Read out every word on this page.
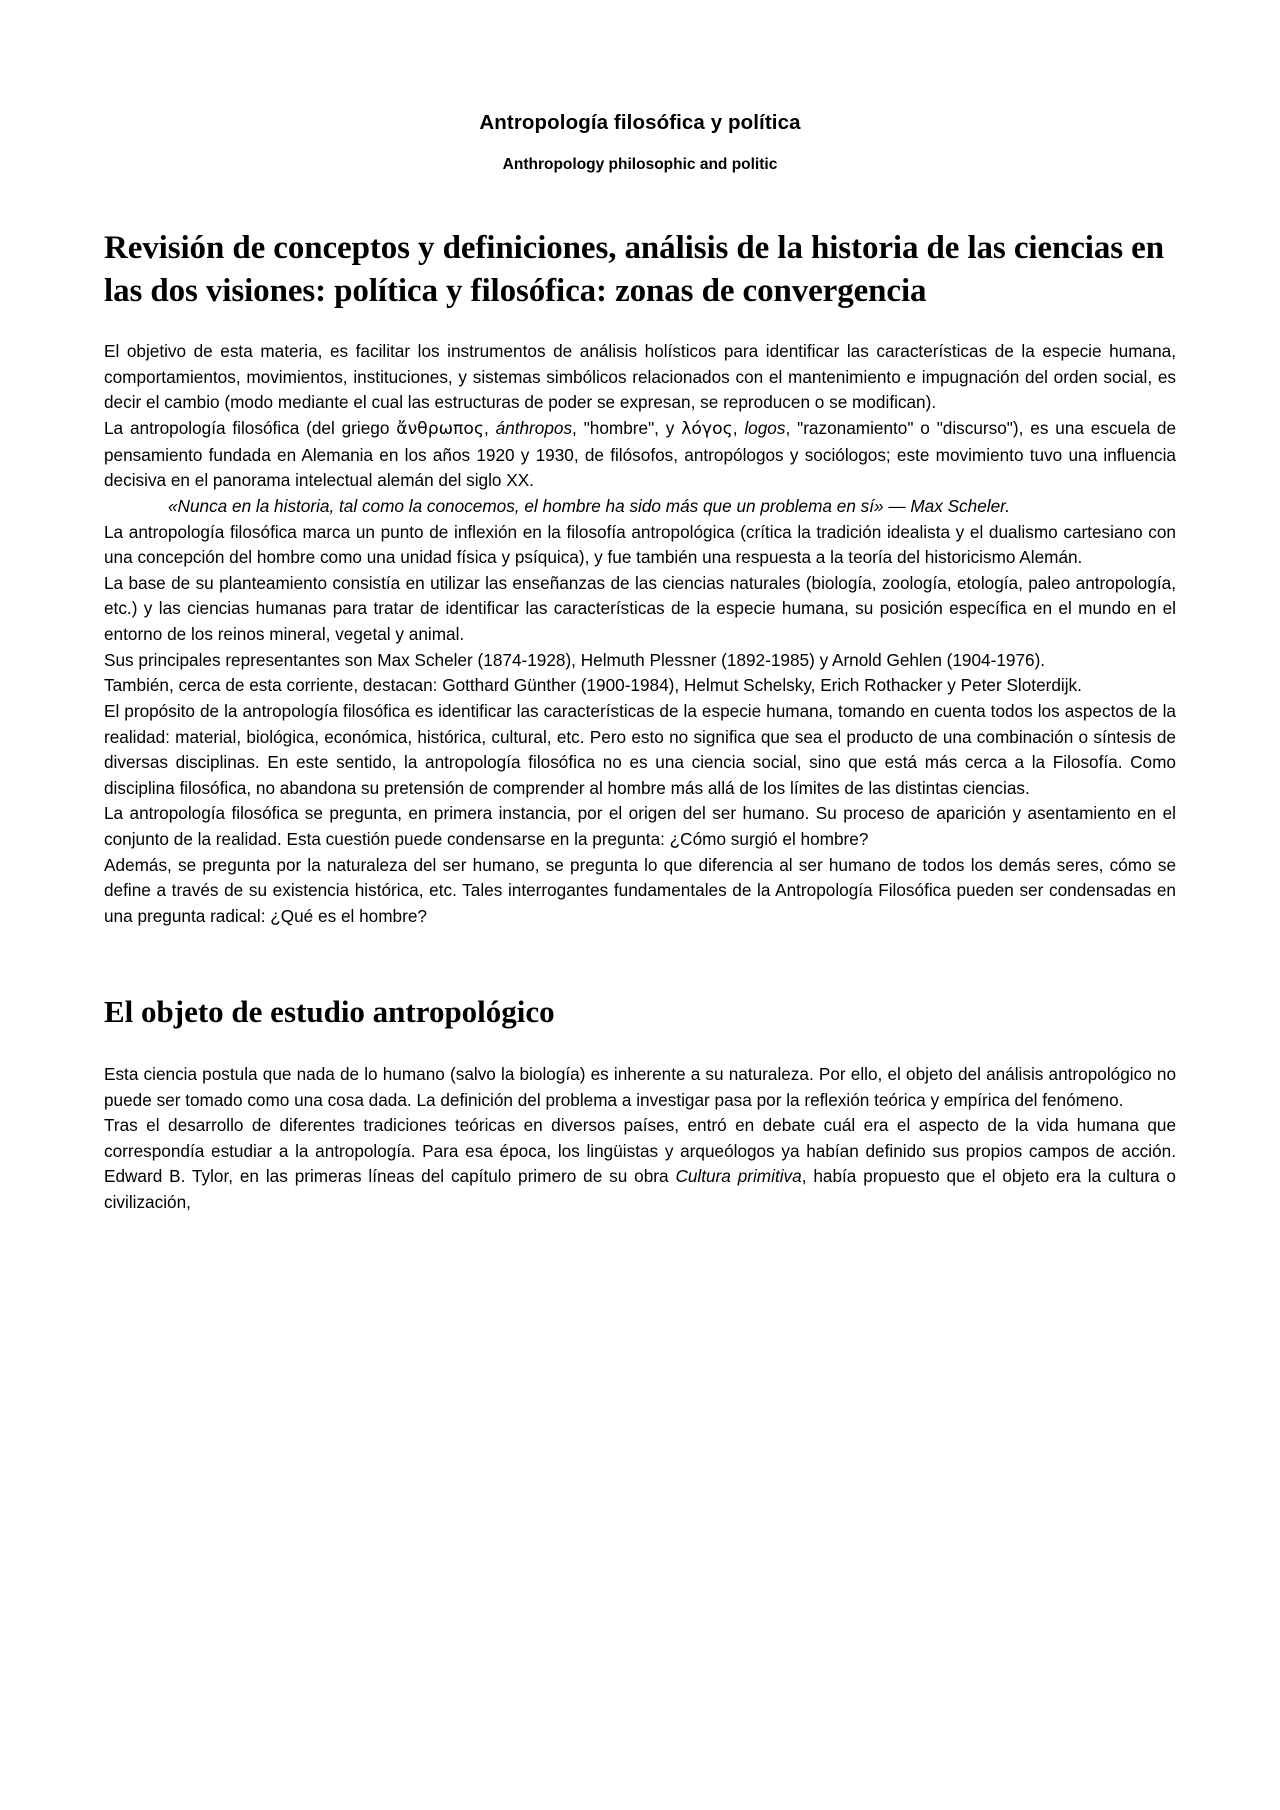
Antropología filosófica y política
Anthropology philosophic and politic
Revisión de conceptos y definiciones, análisis de la historia de las ciencias en las dos visiones: política y filosófica: zonas de convergencia

El objetivo de esta materia, es facilitar los instrumentos de análisis holísticos para identificar las características de la especie humana, comportamientos, movimientos, instituciones, y sistemas simbólicos relacionados con el mantenimiento e impugnación del orden social, es decir el cambio (modo mediante el cual las estructuras de poder se expresan, se reproducen o se modifican).

La antropología filosófica (del griego ἄνθρωπος, ánthropos, "hombre", y λόγος, logos, "razonamiento" o "discurso"), es una escuela de pensamiento fundada en Alemania en los años 1920 y 1930, de filósofos, antropólogos y sociólogos; este movimiento tuvo una influencia decisiva en el panorama intelectual alemán del siglo XX.

«Nunca en la historia, tal como la conocemos, el hombre ha sido más que un problema en sí» — Max Scheler.

La antropología filosófica marca un punto de inflexión en la filosofía antropológica (crítica la tradición idealista y el dualismo cartesiano con una concepción del hombre como una unidad física y psíquica), y fue también una respuesta a la teoría del historicismo Alemán.

La base de su planteamiento consistía en utilizar las enseñanzas de las ciencias naturales (biología, zoología, etología, paleo antropología, etc.) y las ciencias humanas para tratar de identificar las características de la especie humana, su posición específica en el mundo en el entorno de los reinos mineral, vegetal y animal.

Sus principales representantes son Max Scheler (1874-1928), Helmuth Plessner (1892-1985) y Arnold Gehlen (1904-1976).

También, cerca de esta corriente, destacan: Gotthard Günther (1900-1984), Helmut Schelsky, Erich Rothacker y Peter Sloterdijk.

El propósito de la antropología filosófica es identificar las características de la especie humana, tomando en cuenta todos los aspectos de la realidad: material, biológica, económica, histórica, cultural, etc. Pero esto no significa que sea el producto de una combinación o síntesis de diversas disciplinas. En este sentido, la antropología filosófica no es una ciencia social, sino que está más cerca a la Filosofía. Como disciplina filosófica, no abandona su pretensión de comprender al hombre más allá de los límites de las distintas ciencias.

La antropología filosófica se pregunta, en primera instancia, por el origen del ser humano. Su proceso de aparición y asentamiento en el conjunto de la realidad. Esta cuestión puede condensarse en la pregunta: ¿Cómo surgió el hombre?

Además, se pregunta por la naturaleza del ser humano, se pregunta lo que diferencia al ser humano de todos los demás seres, cómo se define a través de su existencia histórica, etc. Tales interrogantes fundamentales de la Antropología Filosófica pueden ser condensadas en una pregunta radical: ¿Qué es el hombre?

El objeto de estudio antropológico

Esta ciencia postula que nada de lo humano (salvo la biología) es inherente a su naturaleza. Por ello, el objeto del análisis antropológico no puede ser tomado como una cosa dada. La definición del problema a investigar pasa por la reflexión teórica y empírica del fenómeno.

Tras el desarrollo de diferentes tradiciones teóricas en diversos países, entró en debate cuál era el aspecto de la vida humana que correspondía estudiar a la antropología. Para esa época, los lingüistas y arqueólogos ya habían definido sus propios campos de acción. Edward B. Tylor, en las primeras líneas del capítulo primero de su obra Cultura primitiva, había propuesto que el objeto era la cultura o civilización,
